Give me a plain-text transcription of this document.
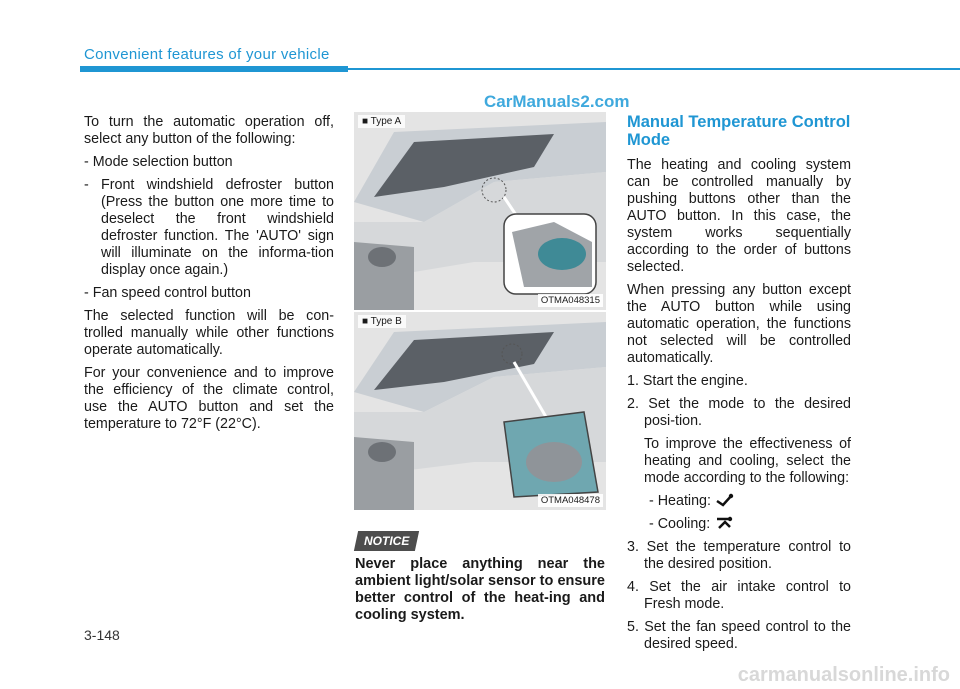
Convenient features of your vehicle
CarManuals2.com

To turn the automatic operation off, select any button of the following:

- Mode selection button
- Front windshield defroster button (Press the button one more time to deselect the front windshield defroster function. The 'AUTO' sign will illuminate on the informa-tion display once again.)
- Fan speed control button

The selected function will be con-trolled manually while other functions operate automatically.

For your convenience and to improve the efficiency of the climate control, use the AUTO button and set the temperature to 72°F (22°C).

■ Type A
OTMA048315
■ Type B
OTMA048478
NOTICE
Never place anything near the ambient light/solar sensor to ensure better control of the heat-ing and cooling system.
Manual Temperature Control Mode

The heating and cooling system can be controlled manually by pushing buttons other than the AUTO button. In this case, the system works sequentially according to the order of buttons selected.

When pressing any button except the AUTO button while using automatic operation, the functions not selected will be controlled automatically.

1. Start the engine.
2. Set the mode to the desired posi-tion.

To improve the effectiveness of heating and cooling, select the mode according to the following:

- Heating:
- Cooling:
3. Set the temperature control to the desired position.
4. Set the air intake control to Fresh mode.
5. Set the fan speed control to the desired speed.
3-148
carmanualsonline.info
